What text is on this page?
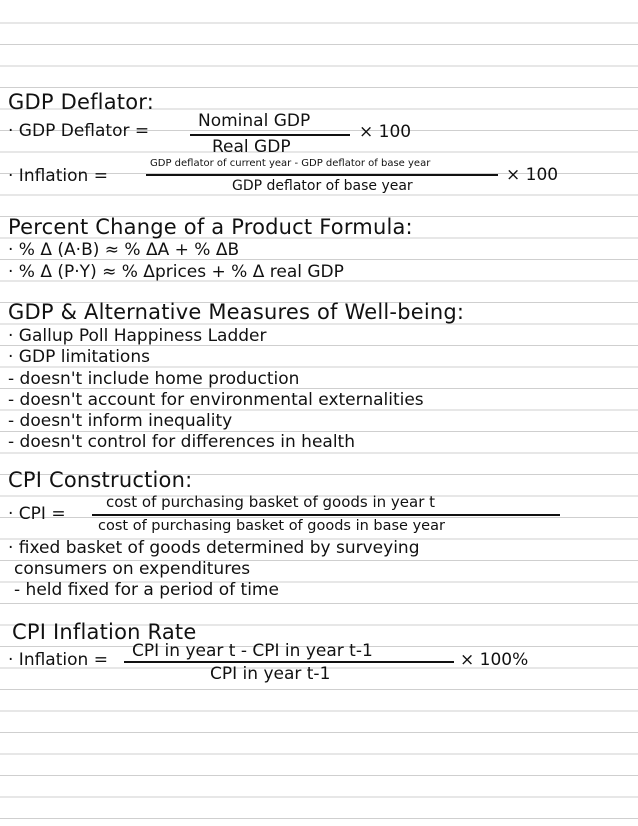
GDP Deflator:
· GDP Deflator =	Nominal GDP
Real GDP
× 100
· Inflation =
GDP deflator of current year - GDP deflator of base year
GDP deflator of base year
× 100
Percent Change of a Product Formula:
· % Δ (A·B) ≈ % ΔA + % ΔB
· % Δ (P·Y) ≈ % Δprices + % Δ real GDP
GDP & Alternative Measures of Well-being:
· Gallup Poll Happiness Ladder
· GDP limitations
- doesn't include home production
- doesn't account for environmental externalities
- doesn't inform inequality
- doesn't control for differences in health
CPI Construction:
· CPI =
cost of purchasing basket of goods in year t
cost of purchasing basket of goods in base year
· fixed basket of goods determined by surveying
consumers on expenditures
- held fixed for a period of time
CPI Inflation Rate
· Inflation = CPI in year t - CPI in year t-1
CPI in year t-1
× 100%
